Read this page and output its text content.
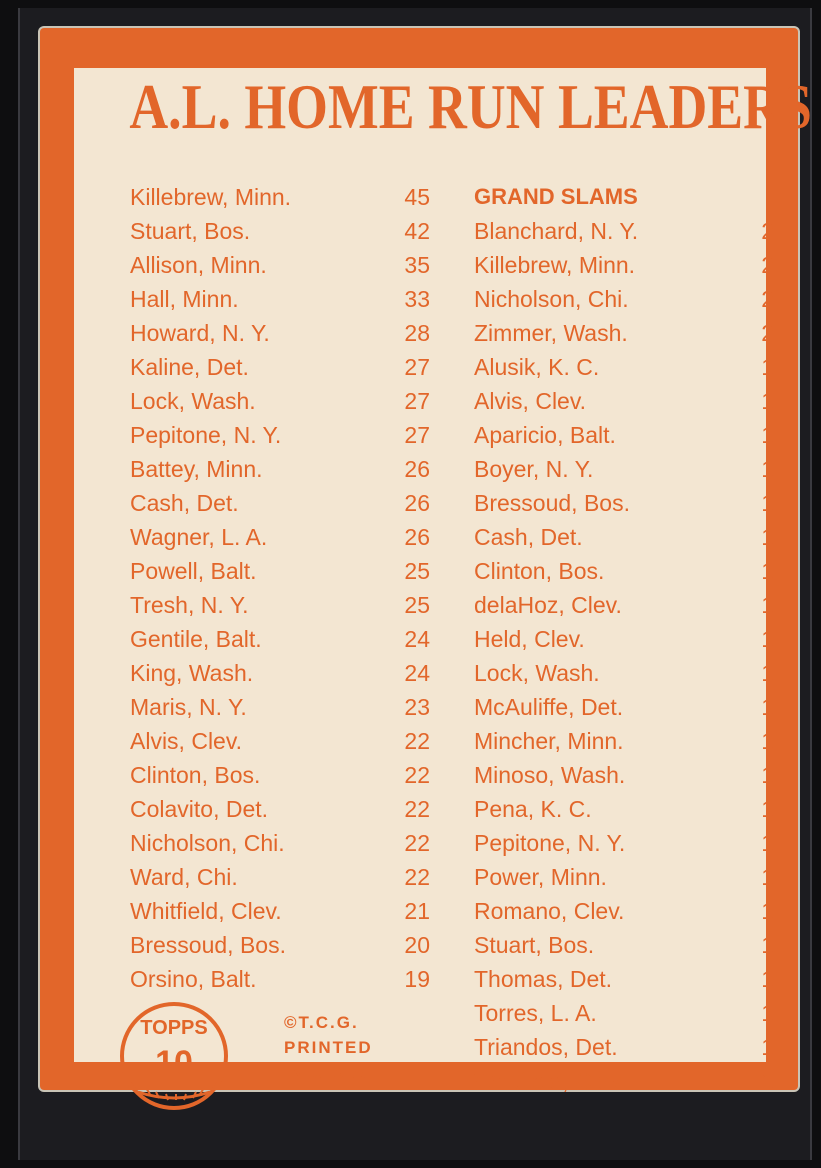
A.L. HOME RUN LEADERS
Killebrew, Minn.	45
Stuart, Bos.	42
Allison, Minn.	35
Hall, Minn.	33
Howard, N. Y.	28
Kaline, Det.	27
Lock, Wash.	27
Pepitone, N. Y.	27
Battey, Minn.	26
Cash, Det.	26
Wagner, L. A.	26
Powell, Balt.	25
Tresh, N. Y.	25
Gentile, Balt.	24
King, Wash.	24
Maris, N. Y.	23
Alvis, Clev.	22
Clinton, Bos.	22
Colavito, Det.	22
Nicholson, Chi.	22
Ward, Chi.	22
Whitfield, Clev.	21
Bressoud, Bos.	20
Orsino, Balt.	19
GRAND SLAMS
Blanchard, N. Y.	2
Killebrew, Minn.	2
Nicholson, Chi.	2
Zimmer, Wash.	2
Alusik, K. C.	1
Alvis, Clev.	1
Aparicio, Balt.	1
Boyer, N. Y.	1
Bressoud, Bos.	1
Cash, Det.	1
Clinton, Bos.	1
delaHoz, Clev.	1
Held, Clev.	1
Lock, Wash.	1
McAuliffe, Det.	1
Mincher, Minn.	1
Minoso, Wash.	1
Pena, K. C.	1
Pepitone, N. Y.	1
Power, Minn.	1
Romano, Clev.	1
Stuart, Bos.	1
Thomas, Det.	1
Torres, L. A.	1
Triandos, Det.	1
Whitfield, Clev.	1
TOPPS
10
©T.C.G.
PRINTED
IN U.S.A.
